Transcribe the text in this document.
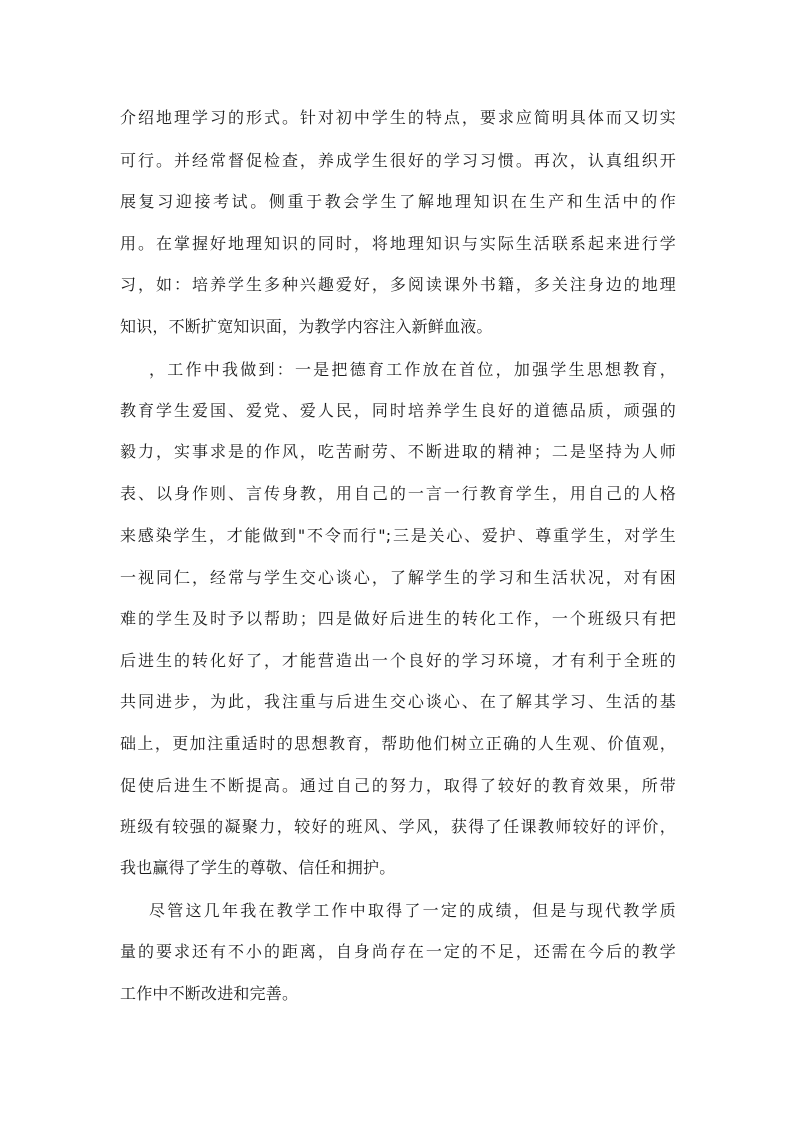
介绍地理学习的形式。针对初中学生的特点，要求应简明具体而又切实
可行。并经常督促检查，养成学生很好的学习习惯。再次，认真组织开
展复习迎接考试。侧重于教会学生了解地理知识在生产和生活中的作
用。在掌握好地理知识的同时，将地理知识与实际生活联系起来进行学
习，如：培养学生多种兴趣爱好，多阅读课外书籍，多关注身边的地理
知识，不断扩宽知识面，为教学内容注入新鲜血液。
，工作中我做到：一是把德育工作放在首位，加强学生思想教育，
教育学生爱国、爱党、爱人民，同时培养学生良好的道德品质，顽强的
毅力，实事求是的作风，吃苦耐劳、不断进取的精神；二是坚持为人师
表、以身作则、言传身教，用自己的一言一行教育学生，用自己的人格
来感染学生，才能做到"不令而行";三是关心、爱护、尊重学生，对学生
一视同仁，经常与学生交心谈心，了解学生的学习和生活状况，对有困
难的学生及时予以帮助；四是做好后进生的转化工作，一个班级只有把
后进生的转化好了，才能营造出一个良好的学习环境，才有利于全班的
共同进步，为此，我注重与后进生交心谈心、在了解其学习、生活的基
础上，更加注重适时的思想教育，帮助他们树立正确的人生观、价值观，
促使后进生不断提高。通过自己的努力，取得了较好的教育效果，所带
班级有较强的凝聚力，较好的班风、学风，获得了任课教师较好的评价，
我也赢得了学生的尊敬、信任和拥护。
尽管这几年我在教学工作中取得了一定的成绩，但是与现代教学质
量的要求还有不小的距离，自身尚存在一定的不足，还需在今后的教学
工作中不断改进和完善。
